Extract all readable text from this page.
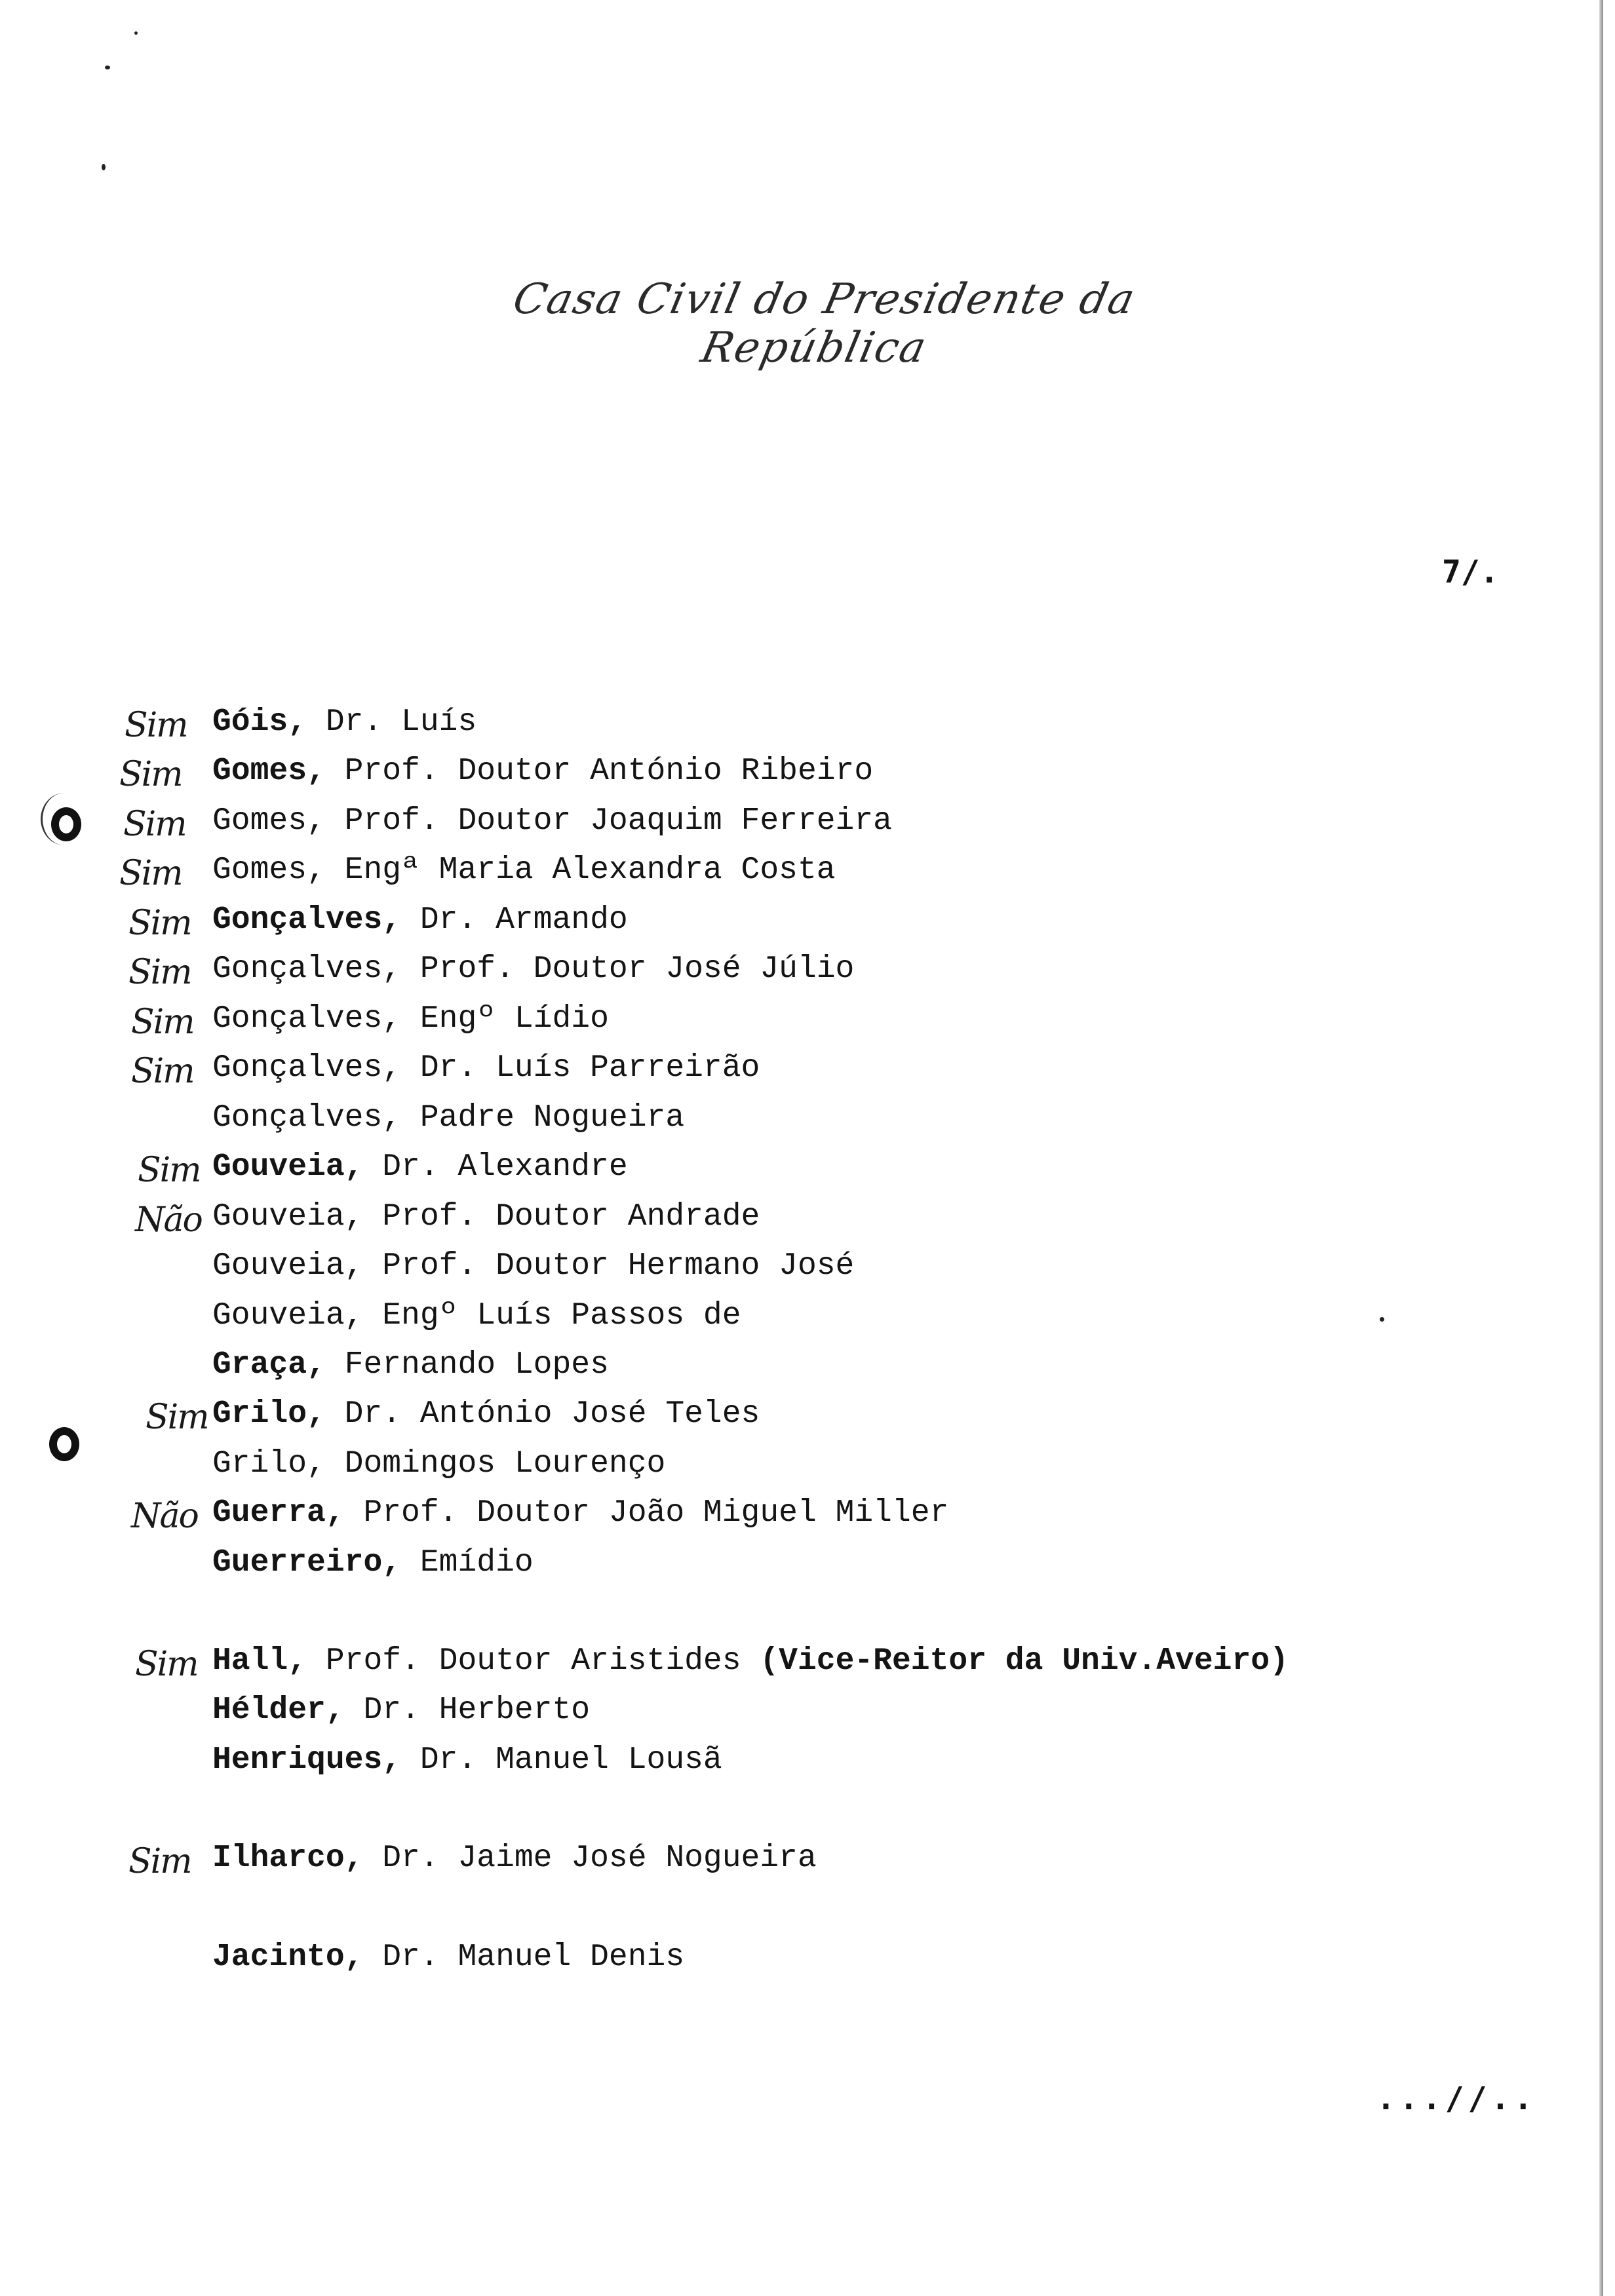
Casa Civil do Presidente da República
7/.
Sim Góis, Dr. Luís
Sim Gomes, Prof. Doutor António Ribeiro
Sim Gomes, Prof. Doutor Joaquim Ferreira
Sim Gomes, Engª Maria Alexandra Costa
Sim Gonçalves, Dr. Armando
Sim Gonçalves, Prof. Doutor José Júlio
Sim Gonçalves, Engº Lídio
Sim Gonçalves, Dr. Luís Parreirão
Gonçalves, Padre Nogueira
Sim Gouveia, Dr. Alexandre
Não Gouveia, Prof. Doutor Andrade
Gouveia, Prof. Doutor Hermano José
Gouveia, Engº Luís Passos de
Graça, Fernando Lopes
Sim Grilo, Dr. António José Teles
Grilo, Domingos Lourenço
Não Guerra, Prof. Doutor João Miguel Miller
Guerreiro, Emídio
Sim Hall, Prof. Doutor Aristides (Vice-Reitor da Univ.Aveiro)
Hélder, Dr. Herberto
Henriques, Dr. Manuel Lousã
Sim Ilharco, Dr. Jaime José Nogueira
Jacinto, Dr. Manuel Denis
...//..
